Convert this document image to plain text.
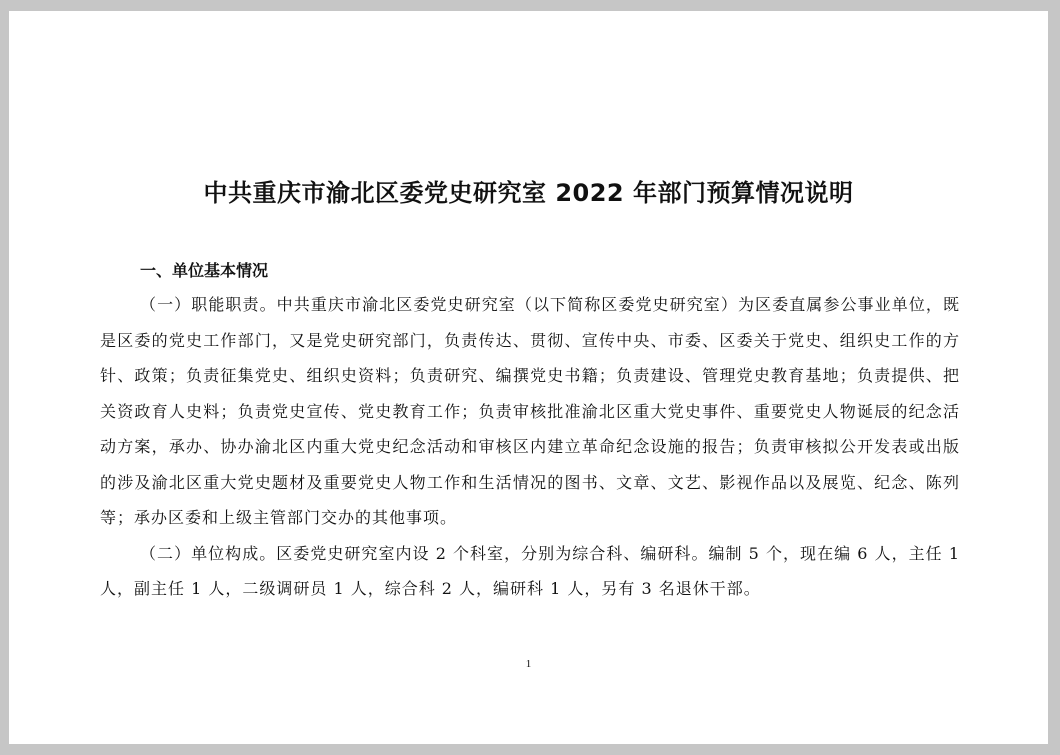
中共重庆市渝北区委党史研究室 2022 年部门预算情况说明

一、单位基本情况

（一）职能职责。中共重庆市渝北区委党史研究室（以下简称区委党史研究室）为区委直属参公事业单位，既是区委的党史工作部门，又是党史研究部门，负责传达、贯彻、宣传中央、市委、区委关于党史、组织史工作的方针、政策；负责征集党史、组织史资料；负责研究、编撰党史书籍；负责建设、管理党史教育基地；负责提供、把关资政育人史料；负责党史宣传、党史教育工作；负责审核批准渝北区重大党史事件、重要党史人物诞辰的纪念活动方案，承办、协办渝北区内重大党史纪念活动和审核区内建立革命纪念设施的报告；负责审核拟公开发表或出版的涉及渝北区重大党史题材及重要党史人物工作和生活情况的图书、文章、文艺、影视作品以及展览、纪念、陈列等；承办区委和上级主管部门交办的其他事项。

（二）单位构成。区委党史研究室内设 2 个科室，分别为综合科、编研科。编制 5 个，现在编 6 人，主任 1 人，副主任 1 人，二级调研员 1 人，综合科 2 人，编研科 1 人，另有 3 名退休干部。

1
